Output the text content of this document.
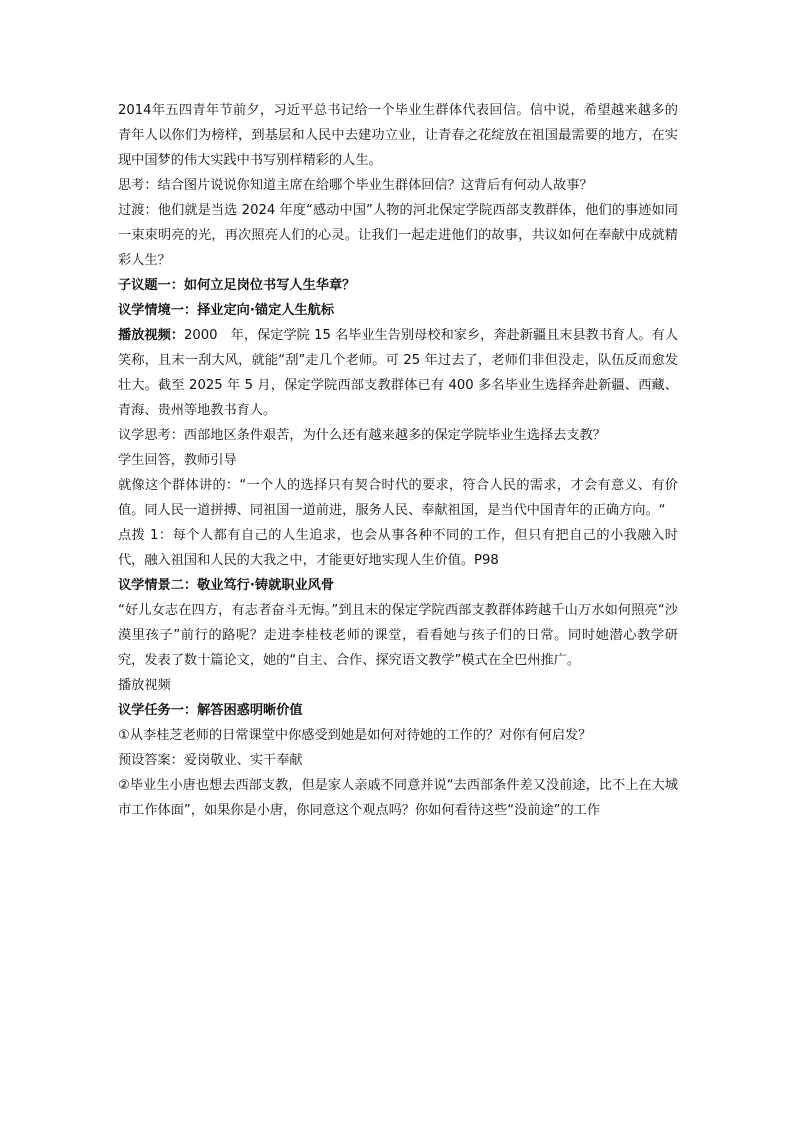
2014年五四青年节前夕，习近平总书记给一个毕业生群体代表回信。信中说，希望越来越多的青年人以你们为榜样，到基层和人民中去建功立业，让青春之花绽放在祖国最需要的地方，在实现中国梦的伟大实践中书写别样精彩的人生。

思考：结合图片说说你知道主席在给哪个毕业生群体回信？这背后有何动人故事？

过渡：他们就是当选 2024 年度“感动中国”人物的河北保定学院西部支教群体，他们的事迹如同一束束明亮的光，再次照亮人们的心灵。让我们一起走进他们的故事，共议如何在奉献中成就精彩人生？

子议题一：如何立足岗位书写人生华章？

议学情境一：择业定向·锚定人生航标

播放视频：2000　年，保定学院 15 名毕业生告别母校和家乡，奔赴新疆且末县教书育人。有人笑称，且末一刮大风，就能“刮”走几个老师。可 25 年过去了，老师们非但没走，队伍反而愈发壮大。截至 2025 年 5 月，保定学院西部支教群体已有 400 多名毕业生选择奔赴新疆、西藏、青海、贵州等地教书育人。

议学思考：西部地区条件艰苦，为什么还有越来越多的保定学院毕业生选择去支教？

学生回答，教师引导

就像这个群体讲的：“一个人的选择只有契合时代的要求，符合人民的需求，才会有意义、有价值。同人民一道拼搏、同祖国一道前进，服务人民、奉献祖国，是当代中国青年的正确方向。“

点拨 1：每个人都有自己的人生追求，也会从事各种不同的工作，但只有把自己的小我融入时代，融入祖国和人民的大我之中，才能更好地实现人生价值。P98

议学情景二：敬业笃行·铸就职业风骨

“好儿女志在四方，有志者奋斗无悔。”到且末的保定学院西部支教群体跨越千山万水如何照亮“沙漠里孩子”前行的路呢？走进李桂枝老师的课堂，看看她与孩子们的日常。同时她潜心教学研究，发表了数十篇论文，她的“自主、合作、探究语文教学”模式在全巴州推广。

播放视频

议学任务一：解答困惑明晰价值

①从李桂芝老师的日常课堂中你感受到她是如何对待她的工作的？对你有何启发？

预设答案：爱岗敬业、实干奉献

②毕业生小唐也想去西部支教，但是家人亲戚不同意并说“去西部条件差又没前途，比不上在大城市工作体面”，如果你是小唐，你同意这个观点吗？你如何看待这些“没前途”的工作
